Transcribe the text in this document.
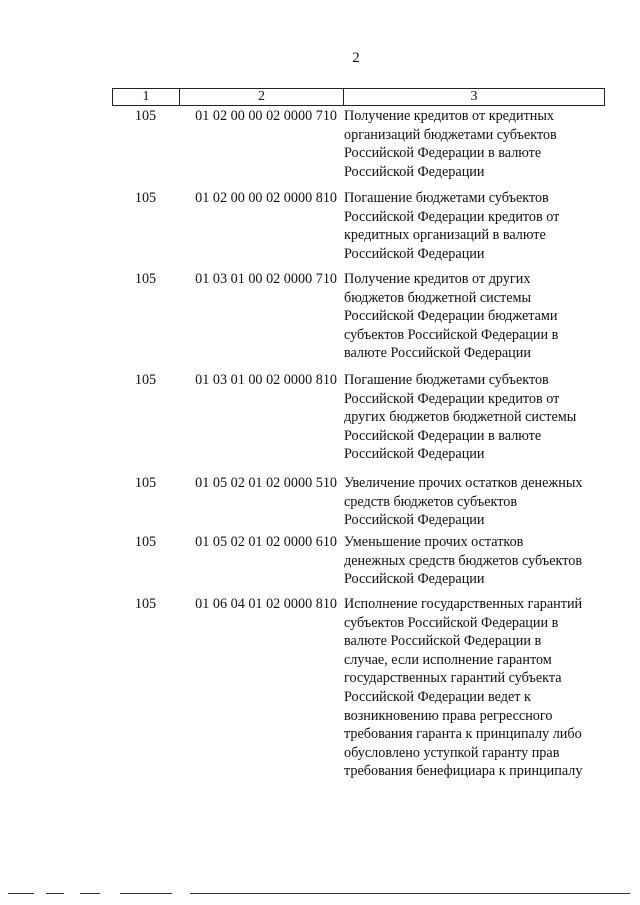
2
1	2	3
105	01 02 00 00 02 0000 710 Получение кредитов от кредитных
организаций бюджетами субъектов
Российской Федерации в валюте
Российской Федерации
105	01 02 00 00 02 0000 810 Погашение бюджетами субъектов
Российской Федерации кредитов от
кредитных организаций в валюте
Российской Федерации
105	01 03 01 00 02 0000 710 Получение кредитов от других
бюджетов бюджетной системы
Российской Федерации бюджетами
субъектов Российской Федерации в
валюте Российской Федерации
105	01 03 01 00 02 0000 810 Погашение бюджетами субъектов
Российской Федерации кредитов от
других бюджетов бюджетной системы
Российской Федерации в валюте
Российской Федерации
105	01 05 02 01 02 0000 510 Увеличение прочих остатков денежных
средств бюджетов субъектов
Российской Федерации
105	01 05 02 01 02 0000 610 Уменьшение прочих остатков
денежных средств бюджетов субъектов
Российской Федерации
105	01 06 04 01 02 0000 810 Исполнение государственных гарантий
субъектов Российской Федерации в
валюте Российской Федерации в
случае, если исполнение гарантом
государственных гарантий субъекта
Российской Федерации ведет к
возникновению права регрессного
требования гаранта к принципалу либо
обусловлено уступкой гаранту прав
требования бенефициара к принципалу
